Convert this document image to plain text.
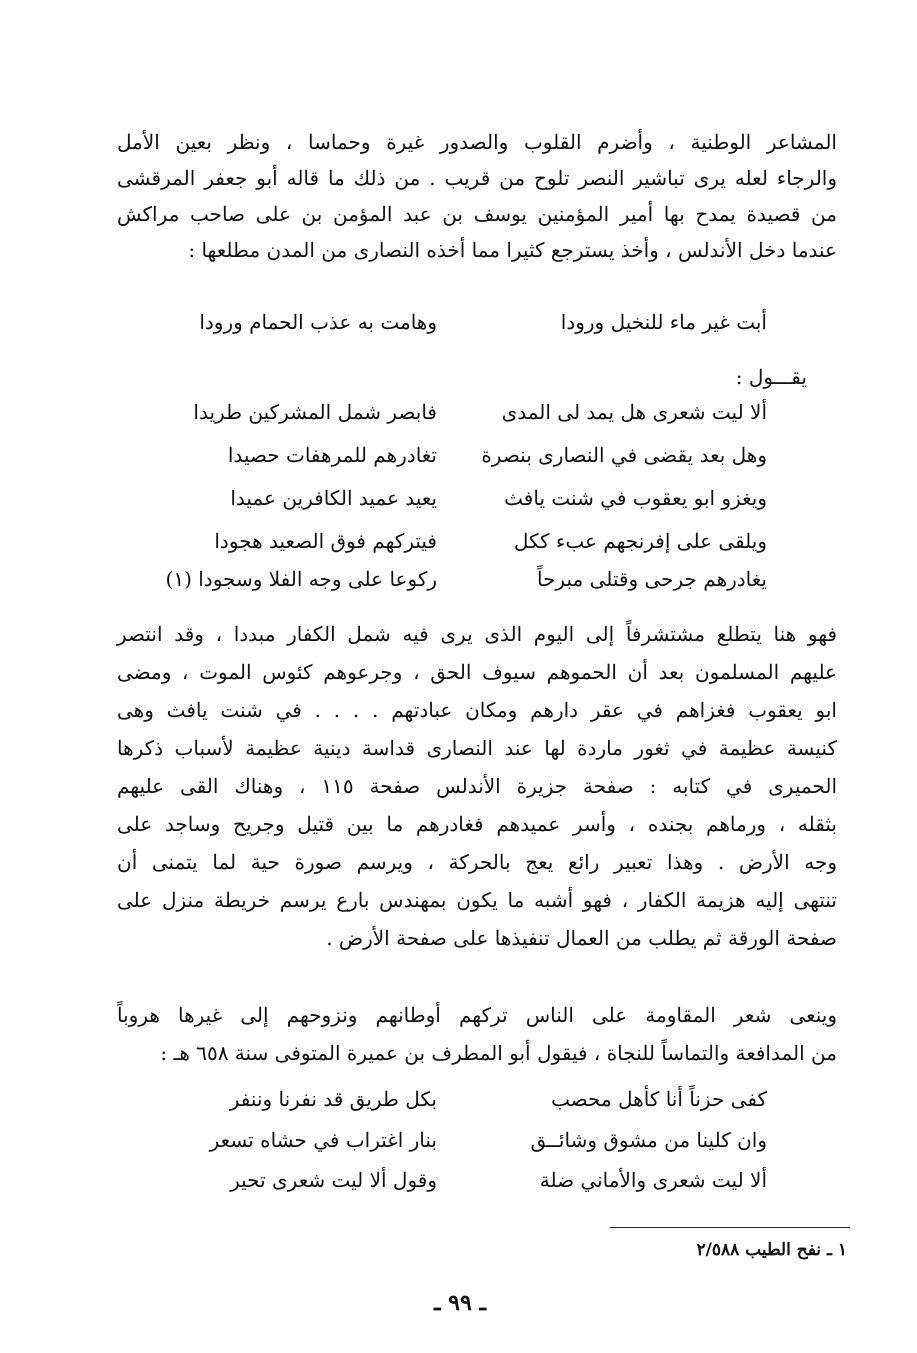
المشاعر الوطنية ، وأضرم القلوب والصدور غيرة وحماسا ، ونظر بعين الأمل
والرجاء لعله يرى تباشير النصر تلوح من قريب . من ذلك ما قاله أبو جعفر المرقشى
من قصيدة يمدح بها أمير المؤمنين يوسف بن عبد المؤمن بن على صاحب مراكش
عندما دخل الأندلس ، وأخذ يسترجع كثيرا مما أخذه النصارى من المدن مطلعها :
أبت غير ماء للنخيل ورودا
وهامت به عذب الحمام ورودا
يقـــول :
ألا ليت شعرى هل يمد لى المدى
فابصر شمل المشركين طريدا
وهل بعد يقضى في النصارى بنصرة
تغادرهم للمرهفات حصيدا
ويغزو ابو يعقوب في شنت يافث
يعيد عميد الكافرين عميدا
ويلقى على إفرنجهم عبء ككل
فيتركهم فوق الصعيد هجودا
يغادرهم جرحى وقتلى مبرحاً
ركوعا على وجه الفلا وسجودا (١)
فهو هنا يتطلع مشتشرفاً إلى اليوم الذى يرى فيه شمل الكفار مبددا ، وقد انتصر
عليهم المسلمون بعد أن الحموهم سيوف الحق ، وجرعوهم كئوس الموت ، ومضى
ابو يعقوب فغزاهم في عقر دارهم ومكان عبادتهم . . . . في شنت يافث وهى
كنيسة عظيمة في ثغور ماردة لها عند النصارى قداسة دينية عظيمة لأسباب ذكرها
الحميرى في كتابه : صفحة جزيرة الأندلس صفحة ١١٥ ، وهناك القى عليهم
بثقله ، ورماهم بجنده ، وأسر عميدهم فغادرهم ما بين قتيل وجريح وساجد على
وجه الأرض . وهذا تعبير رائع يعج بالحركة ، ويرسم صورة حية لما يتمنى أن
تنتهى إليه هزيمة الكفار ، فهو أشبه ما يكون بمهندس بارع يرسم خريطة منزل على
صفحة الورقة ثم يطلب من العمال تنفيذها على صفحة الأرض .
وينعى شعر المقاومة على الناس تركهم أوطانهم ونزوحهم إلى غيرها هروباً
من المدافعة والتماساً للنجاة ، فيقول أبو المطرف بن عميرة المتوفى سنة ٦٥٨ هـ :
كفى حزناً أنا كأهل محصب
بكل طريق قد نفرنا وننفر
وان كلينا من مشوق وشائــق
بنار اغتراب في حشاه تسعر
ألا ليت شعرى والأماني ضلة
وقول ألا ليت شعرى تحير
١ ـ نفح الطيب ٢/٥٨٨
ـ ٩٩ ـ
